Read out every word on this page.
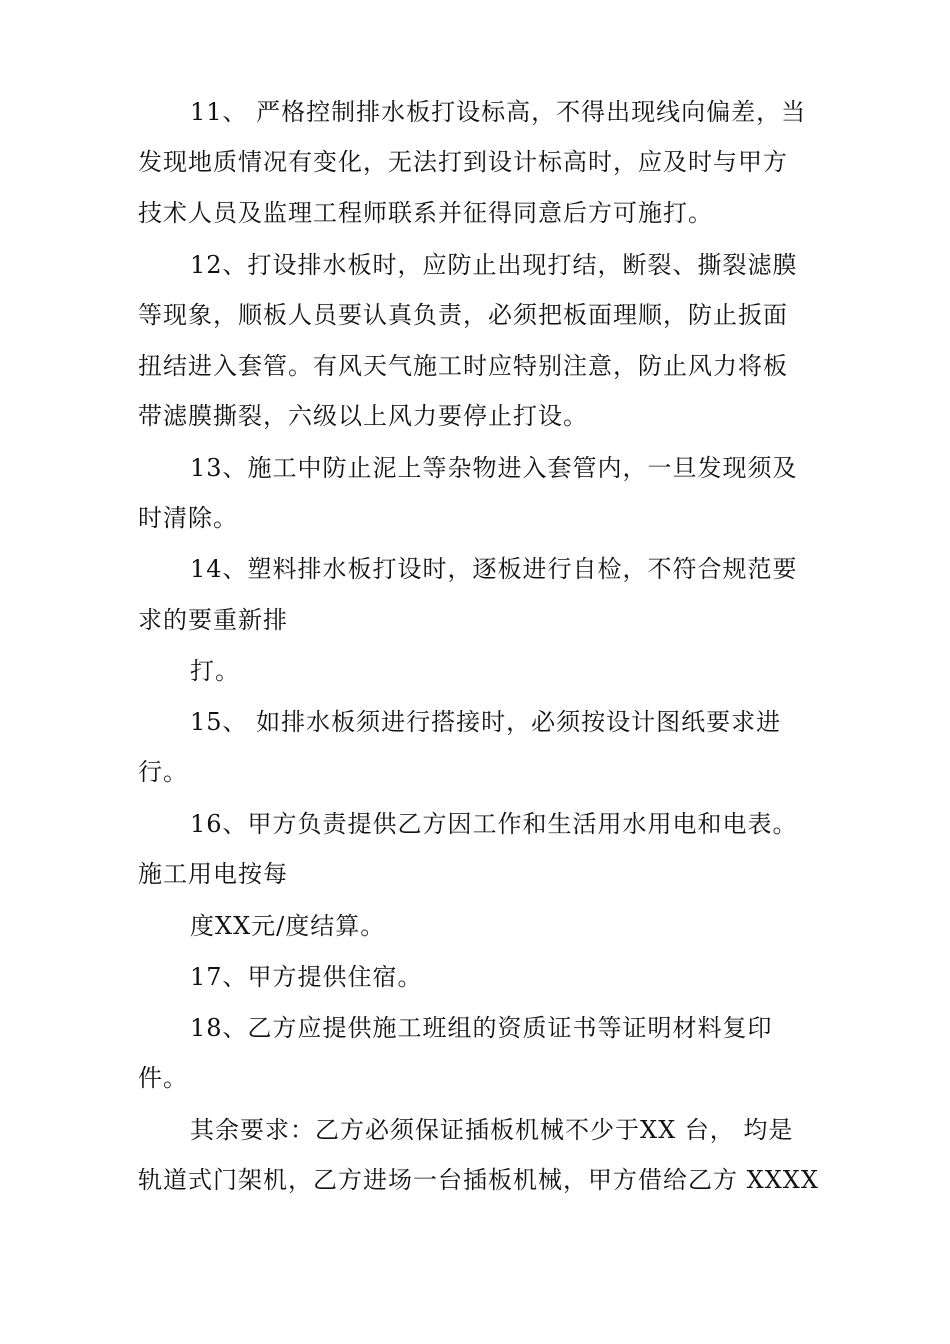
11、 严格控制排水板打设标高，不得出现线向偏差，当
发现地质情况有变化，无法打到设计标高时，应及时与甲方
技术人员及监理工程师联系并征得同意后方可施打。
12、打设排水板时，应防止出现打结，断裂、撕裂滤膜
等现象，顺板人员要认真负责，必须把板面理顺，防止扳面
扭结进入套管。有风天气施工时应特别注意，防止风力将板
带滤膜撕裂，六级以上风力要停止打设。
13、施工中防止泥上等杂物进入套管内，一旦发现须及
时清除。
14、塑料排水板打设时，逐板进行自检，不符合规范要
求的要重新排
打。
15、 如排水板须进行搭接时，必须按设计图纸要求进
行。
16、甲方负责提供乙方因工作和生活用水用电和电表。
施工用电按每
度XX元/度结算。
17、甲方提供住宿。
18、乙方应提供施工班组的资质证书等证明材料复印
件。
其余要求：乙方必须保证插板机械不少于XX 台， 均是
轨道式门架机，乙方进场一台插板机械，甲方借给乙方 XXXX
